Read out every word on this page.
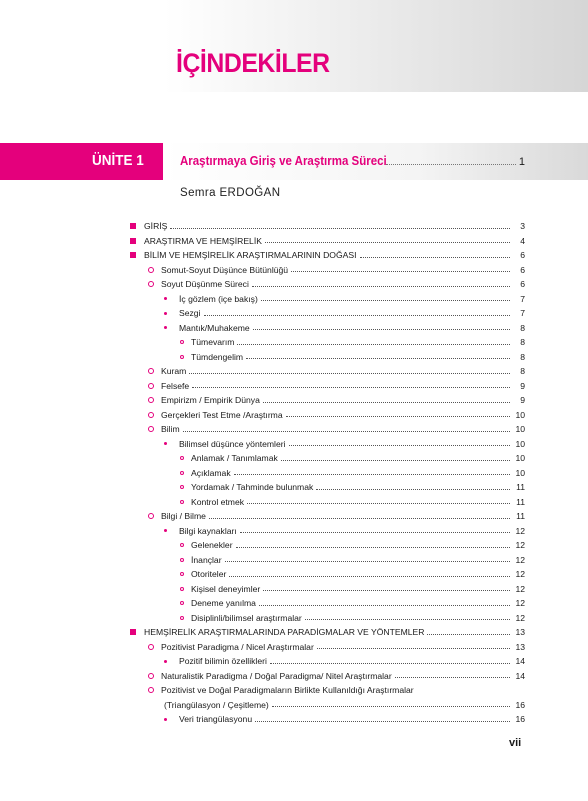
İÇİNDEKİLER
ÜNİTE 1	Araştırmaya Giriş ve Araştırma Süreci	1
Semra ERDOĞAN
GİRİŞ	3
ARAŞTIRMA VE HEMŞİRELİK	4
BİLİM VE HEMŞİRELİK ARAŞTIRMALARININ DOĞASI	6
Somut-Soyut Düşünce Bütünlüğü	6
Soyut Düşünme Süreci	6
İç gözlem (içe bakış)	7
Sezgi	7
Mantık/Muhakeme	8
Tümevarım	8
Tümdengelim	8
Kuram	8
Felsefe	9
Empirizm / Empirik Dünya	9
Gerçekleri Test Etme /Araştırma	10
Bilim	10
Bilimsel düşünce yöntemleri	10
Anlamak / Tanımlamak	10
Açıklamak	10
Yordamak / Tahminde bulunmak	11
Kontrol etmek	11
Bilgi / Bilme	11
Bilgi kaynakları	12
Gelenekler	12
İnançlar	12
Otoriteler	12
Kişisel deneyimler	12
Deneme yanılma	12
Disiplinli/bilimsel araştırmalar	12
HEMŞİRELİK ARAŞTIRMALARINDA PARADİGMALAR VE YÖNTEMLER	13
Pozitivist Paradigma / Nicel Araştırmalar	13
Pozitif bilimin özellikleri	14
Naturalistik Paradigma / Doğal Paradigma/ Nitel Araştırmalar	14
Pozitivist ve Doğal Paradigmaların Birlikte Kullanıldığı Araştırmalar
(Triangülasyon / Çeşitleme)	16
Veri triangülasyonu	16
vii
